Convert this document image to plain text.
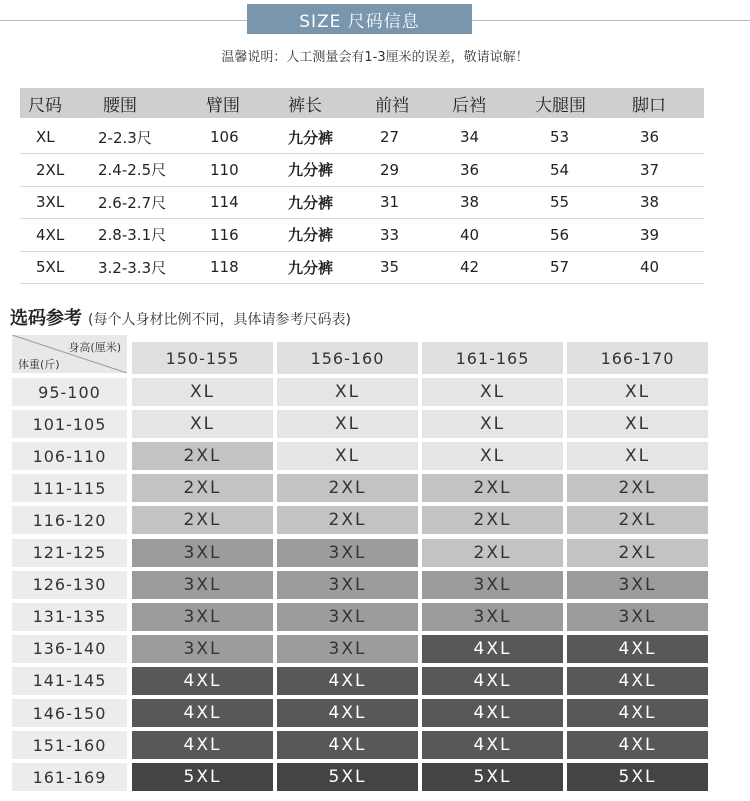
SIZE 尺码信息
温馨说明：人工测量会有1-3厘米的误差，敬请谅解！
尺码 腰围	臂围	裤长	前裆	后裆	大腿围	脚口
XL	2-2.3尺	106	九分裤	27	34	53	36
2XL 2.4-2.5尺	110	九分裤	29	36	54	37
3XL 2.6-2.7尺	114	九分裤	31	38	55	38
4XL 2.8-3.1尺	116	九分裤	33	40	56	39
5XL 3.2-3.3尺	118	九分裤	35	42	57	40
选码参考 (每个人身材比例不同，具体请参考尺码表)
身高(厘米)
体重(斤)	150-155	156-160	161-165	166-170
95-100	XL	XL	XL	XL
101-105	XL	XL	XL	XL
106-110	2XL	XL	XL	XL
111-115	2XL	2XL	2XL	2XL
116-120	2XL	2XL	2XL	2XL
121-125	3XL	3XL	2XL	2XL
126-130	3XL	3XL	3XL	3XL
131-135	3XL	3XL	3XL	3XL
136-140	3XL	3XL	4XL	4XL
141-145	4XL	4XL	4XL	4XL
146-150	4XL	4XL	4XL	4XL
151-160	4XL	4XL	4XL	4XL
161-169	5XL	5XL	5XL	5XL
